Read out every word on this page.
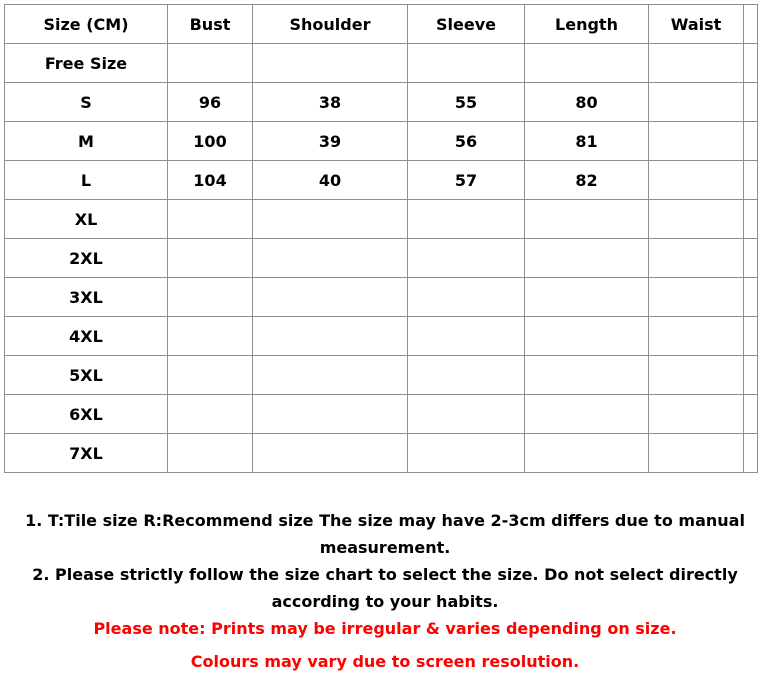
Size (CM)	Bust	Shoulder	Sleeve	Length	Waist	
Free Size						
S	96	38	55	80		
M	100	39	56	81		
L	104	40	57	82		
XL						
2XL						
3XL						
4XL						
5XL						
6XL						
7XL						

1. T:Tile size R:Recommend size The size may have 2-3cm differs due to manual measurement.

2. Please strictly follow the size chart to select the size. Do not select directly according to your habits.

Please note: Prints may be irregular & varies depending on size.

Colours may vary due to screen resolution.
